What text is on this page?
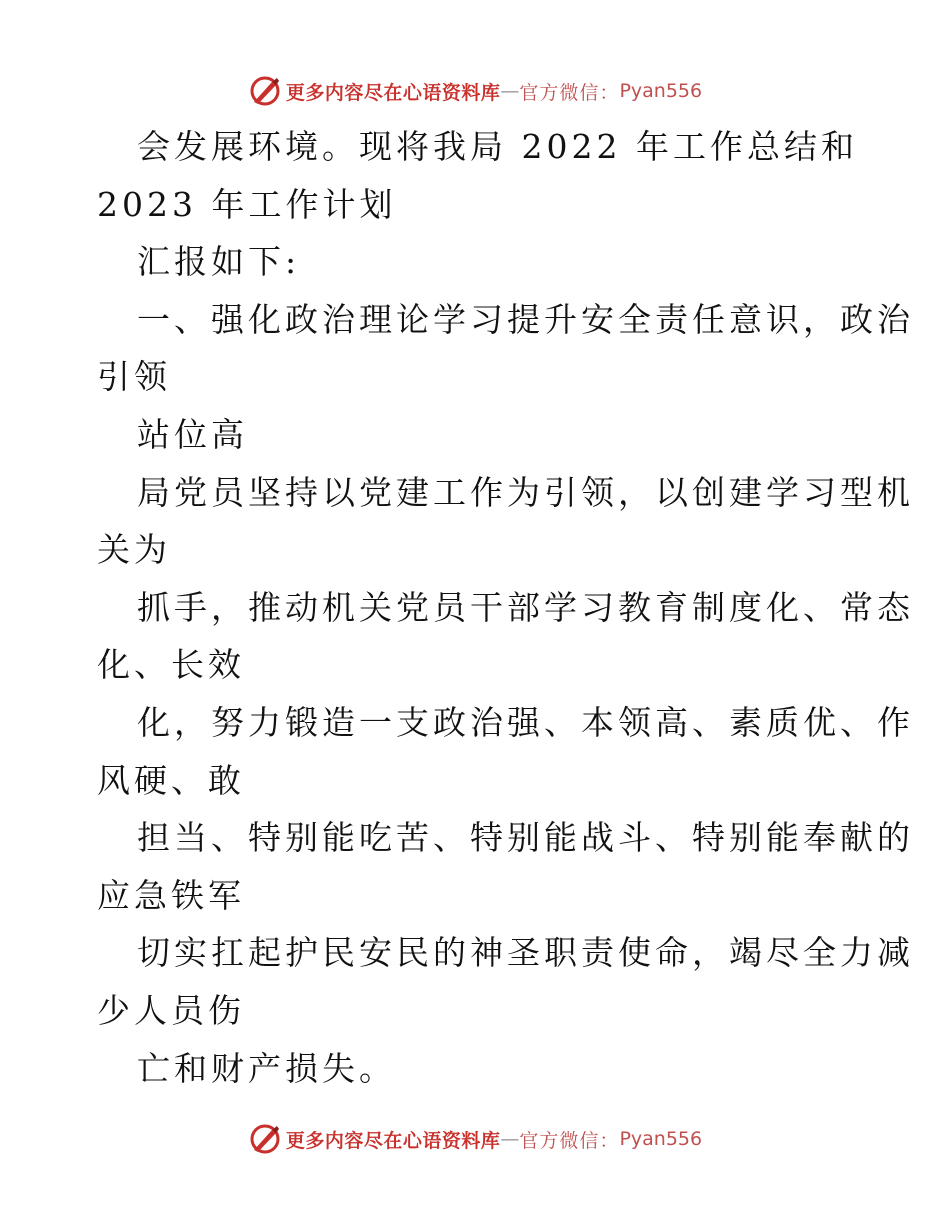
更多内容尽在心语资料库 — 官方微信： Pyan556
会发展环境。现将我局 2022 年工作总结和
2023 年工作计划
汇报如下:
一、强化政治理论学习提升安全责任意识，政治
引领
站位高
局党员坚持以党建工作为引领，以创建学习型机
关为
抓手，推动机关党员干部学习教育制度化、常态
化、长效
化，努力锻造一支政治强、本领高、素质优、作
风硬、敢
担当、特别能吃苦、特别能战斗、特别能奉献的
应急铁军
切实扛起护民安民的神圣职责使命，竭尽全力减
少人员伤
亡和财产损失。
更多内容尽在心语资料库 — 官方微信： Pyan556
